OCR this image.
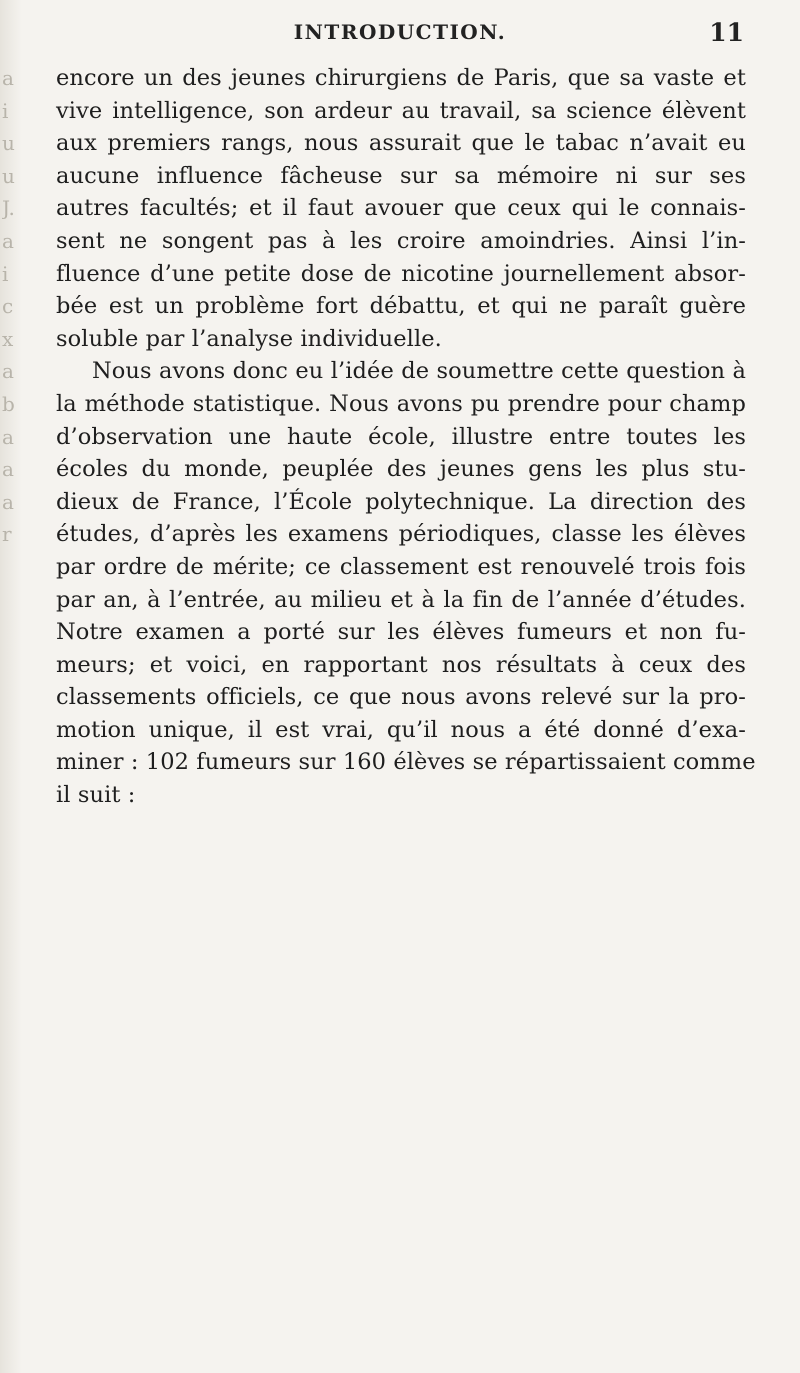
a
i
u
u
J.
a
i
c
x
a
b
a
a
a
r
INTRODUCTION.	11
encore un des jeunes chirurgiens de Paris, que sa vaste et
vive intelligence, son ardeur au travail, sa science élèvent
aux premiers rangs, nous assurait que le tabac n’avait eu
aucune influence fâcheuse sur sa mémoire ni sur ses
autres facultés; et il faut avouer que ceux qui le connais-
sent ne songent pas à les croire amoindries. Ainsi l’in-
fluence d’une petite dose de nicotine journellement absor-
bée est un problème fort débattu, et qui ne paraît guère
soluble par l’analyse individuelle.
Nous avons donc eu l’idée de soumettre cette question à
la méthode statistique. Nous avons pu prendre pour champ
d’observation une haute école, illustre entre toutes les
écoles du monde, peuplée des jeunes gens les plus stu-
dieux de France, l’École polytechnique. La direction des
études, d’après les examens périodiques, classe les élèves
par ordre de mérite; ce classement est renouvelé trois fois
par an, à l’entrée, au milieu et à la fin de l’année d’études.
Notre examen a porté sur les élèves fumeurs et non fu-
meurs; et voici, en rapportant nos résultats à ceux des
classements officiels, ce que nous avons relevé sur la pro-
motion unique, il est vrai, qu’il nous a été donné d’exa-
miner : 102 fumeurs sur 160 élèves se répartissaient comme
il suit :
